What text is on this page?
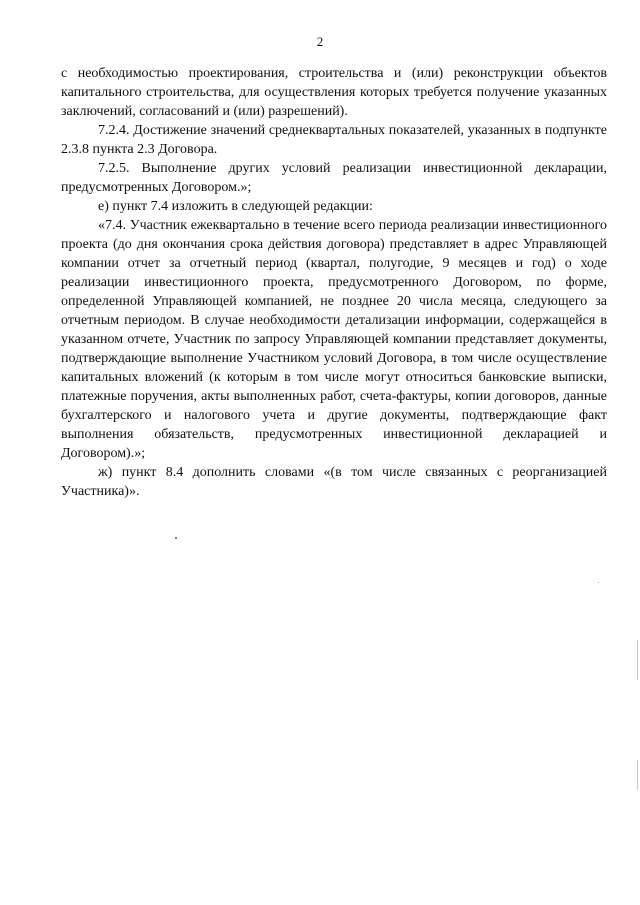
2

с необходимостью проектирования, строительства и (или) реконструкции объектов капитального строительства, для осуществления которых требуется получение указанных заключений, согласований и (или) разрешений).

7.2.4. Достижение значений среднеквартальных показателей, указанных в подпункте 2.3.8 пункта 2.3 Договора.

7.2.5. Выполнение других условий реализации инвестиционной декларации, предусмотренных Договором.»;

е) пункт 7.4 изложить в следующей редакции:

«7.4. Участник ежеквартально в течение всего периода реализации инвестиционного проекта (до дня окончания срока действия договора) представляет в адрес Управляющей компании отчет за отчетный период (квартал, полугодие, 9 месяцев и год) о ходе реализации инвестиционного проекта, предусмотренного Договором, по форме, определенной Управляющей компанией, не позднее 20 числа месяца, следующего за отчетным периодом. В случае необходимости детализации информации, содержащейся в указанном отчете, Участник по запросу Управляющей компании представляет документы, подтверждающие выполнение Участником условий Договора, в том числе осуществление капитальных вложений (к которым в том числе могут относиться банковские выписки, платежные поручения, акты выполненных работ, счета-фактуры, копии договоров, данные бухгалтерского и налогового учета и другие документы, подтверждающие факт выполнения обязательств, предусмотренных инвестиционной декларацией и Договором).»;

ж) пункт 8.4 дополнить словами «(в том числе связанных с реорганизацией Участника)».
